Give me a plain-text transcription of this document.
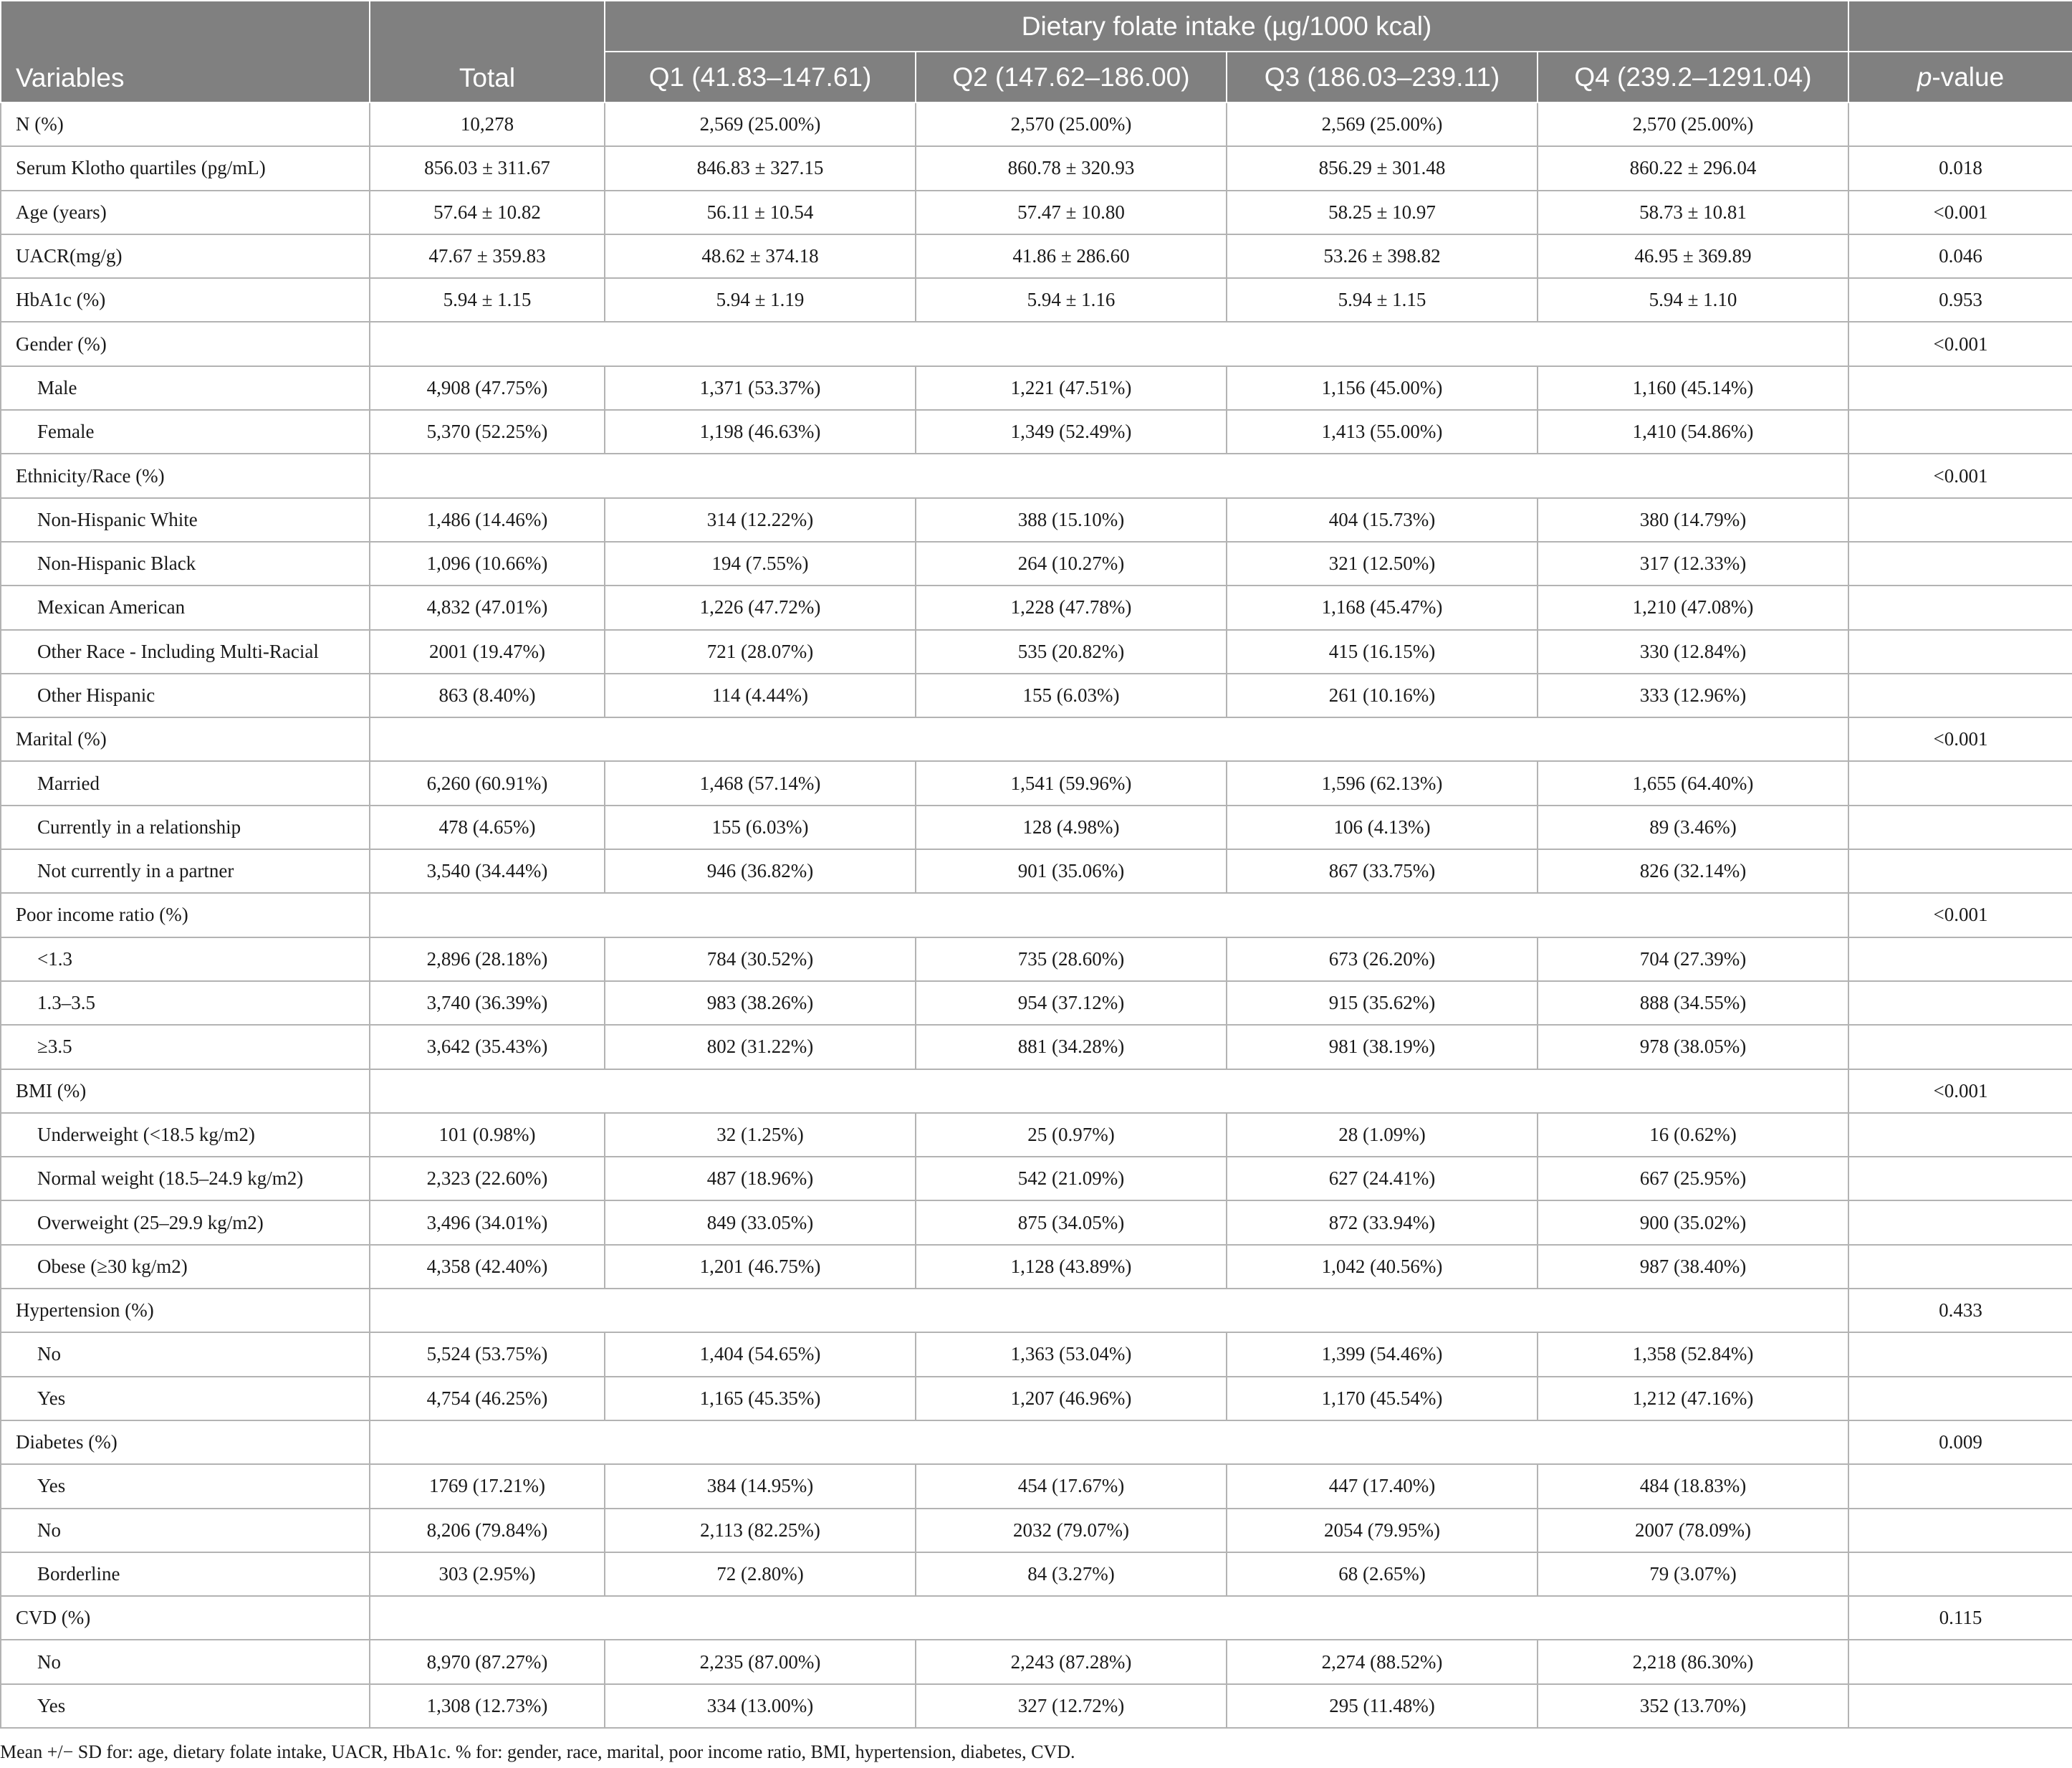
Variables	Total	Dietary folate intake (µg/1000 kcal)				
		Q1 (41.83–147.61)	Q2 (147.62–186.00)	Q3 (186.03–239.11)	Q4 (239.2–1291.04)	p-value
N (%)	10,278	2,569 (25.00%)	2,570 (25.00%)	2,569 (25.00%)	2,570 (25.00%)	
Serum Klotho quartiles (pg/mL)	856.03 ± 311.67	846.83 ± 327.15	860.78 ± 320.93	856.29 ± 301.48	860.22 ± 296.04	0.018
Age (years)	57.64 ± 10.82	56.11 ± 10.54	57.47 ± 10.80	58.25 ± 10.97	58.73 ± 10.81	<0.001
UACR(mg/g)	47.67 ± 359.83	48.62 ± 374.18	41.86 ± 286.60	53.26 ± 398.82	46.95 ± 369.89	0.046
HbA1c (%)	5.94 ± 1.15	5.94 ± 1.19	5.94 ± 1.16	5.94 ± 1.15	5.94 ± 1.10	0.953
Gender (%)						<0.001
Male	4,908 (47.75%)	1,371 (53.37%)	1,221 (47.51%)	1,156 (45.00%)	1,160 (45.14%)	
Female	5,370 (52.25%)	1,198 (46.63%)	1,349 (52.49%)	1,413 (55.00%)	1,410 (54.86%)	
Ethnicity/Race (%)						<0.001
Non-Hispanic White	1,486 (14.46%)	314 (12.22%)	388 (15.10%)	404 (15.73%)	380 (14.79%)	
Non-Hispanic Black	1,096 (10.66%)	194 (7.55%)	264 (10.27%)	321 (12.50%)	317 (12.33%)	
Mexican American	4,832 (47.01%)	1,226 (47.72%)	1,228 (47.78%)	1,168 (45.47%)	1,210 (47.08%)	
Other Race - Including Multi-Racial	2001 (19.47%)	721 (28.07%)	535 (20.82%)	415 (16.15%)	330 (12.84%)	
Other Hispanic	863 (8.40%)	114 (4.44%)	155 (6.03%)	261 (10.16%)	333 (12.96%)	
Marital (%)						<0.001
Married	6,260 (60.91%)	1,468 (57.14%)	1,541 (59.96%)	1,596 (62.13%)	1,655 (64.40%)	
Currently in a relationship	478 (4.65%)	155 (6.03%)	128 (4.98%)	106 (4.13%)	89 (3.46%)	
Not currently in a partner	3,540 (34.44%)	946 (36.82%)	901 (35.06%)	867 (33.75%)	826 (32.14%)	
Poor income ratio (%)						<0.001
<1.3	2,896 (28.18%)	784 (30.52%)	735 (28.60%)	673 (26.20%)	704 (27.39%)	
1.3–3.5	3,740 (36.39%)	983 (38.26%)	954 (37.12%)	915 (35.62%)	888 (34.55%)	
≥3.5	3,642 (35.43%)	802 (31.22%)	881 (34.28%)	981 (38.19%)	978 (38.05%)	
BMI (%)						<0.001
Underweight (<18.5 kg/m2)	101 (0.98%)	32 (1.25%)	25 (0.97%)	28 (1.09%)	16 (0.62%)	
Normal weight (18.5–24.9 kg/m2)	2,323 (22.60%)	487 (18.96%)	542 (21.09%)	627 (24.41%)	667 (25.95%)	
Overweight (25–29.9 kg/m2)	3,496 (34.01%)	849 (33.05%)	875 (34.05%)	872 (33.94%)	900 (35.02%)	
Obese (≥30 kg/m2)	4,358 (42.40%)	1,201 (46.75%)	1,128 (43.89%)	1,042 (40.56%)	987 (38.40%)	
Hypertension (%)						0.433
No	5,524 (53.75%)	1,404 (54.65%)	1,363 (53.04%)	1,399 (54.46%)	1,358 (52.84%)	
Yes	4,754 (46.25%)	1,165 (45.35%)	1,207 (46.96%)	1,170 (45.54%)	1,212 (47.16%)	
Diabetes (%)						0.009
Yes	1769 (17.21%)	384 (14.95%)	454 (17.67%)	447 (17.40%)	484 (18.83%)	
No	8,206 (79.84%)	2,113 (82.25%)	2032 (79.07%)	2054 (79.95%)	2007 (78.09%)	
Borderline	303 (2.95%)	72 (2.80%)	84 (3.27%)	68 (2.65%)	79 (3.07%)	
CVD (%)						0.115
No	8,970 (87.27%)	2,235 (87.00%)	2,243 (87.28%)	2,274 (88.52%)	2,218 (86.30%)	
Yes	1,308 (12.73%)	334 (13.00%)	327 (12.72%)	295 (11.48%)	352 (13.70%)	
Mean +/− SD for: age, dietary folate intake, UACR, HbA1c. % for: gender, race, marital, poor income ratio, BMI, hypertension, diabetes, CVD.
